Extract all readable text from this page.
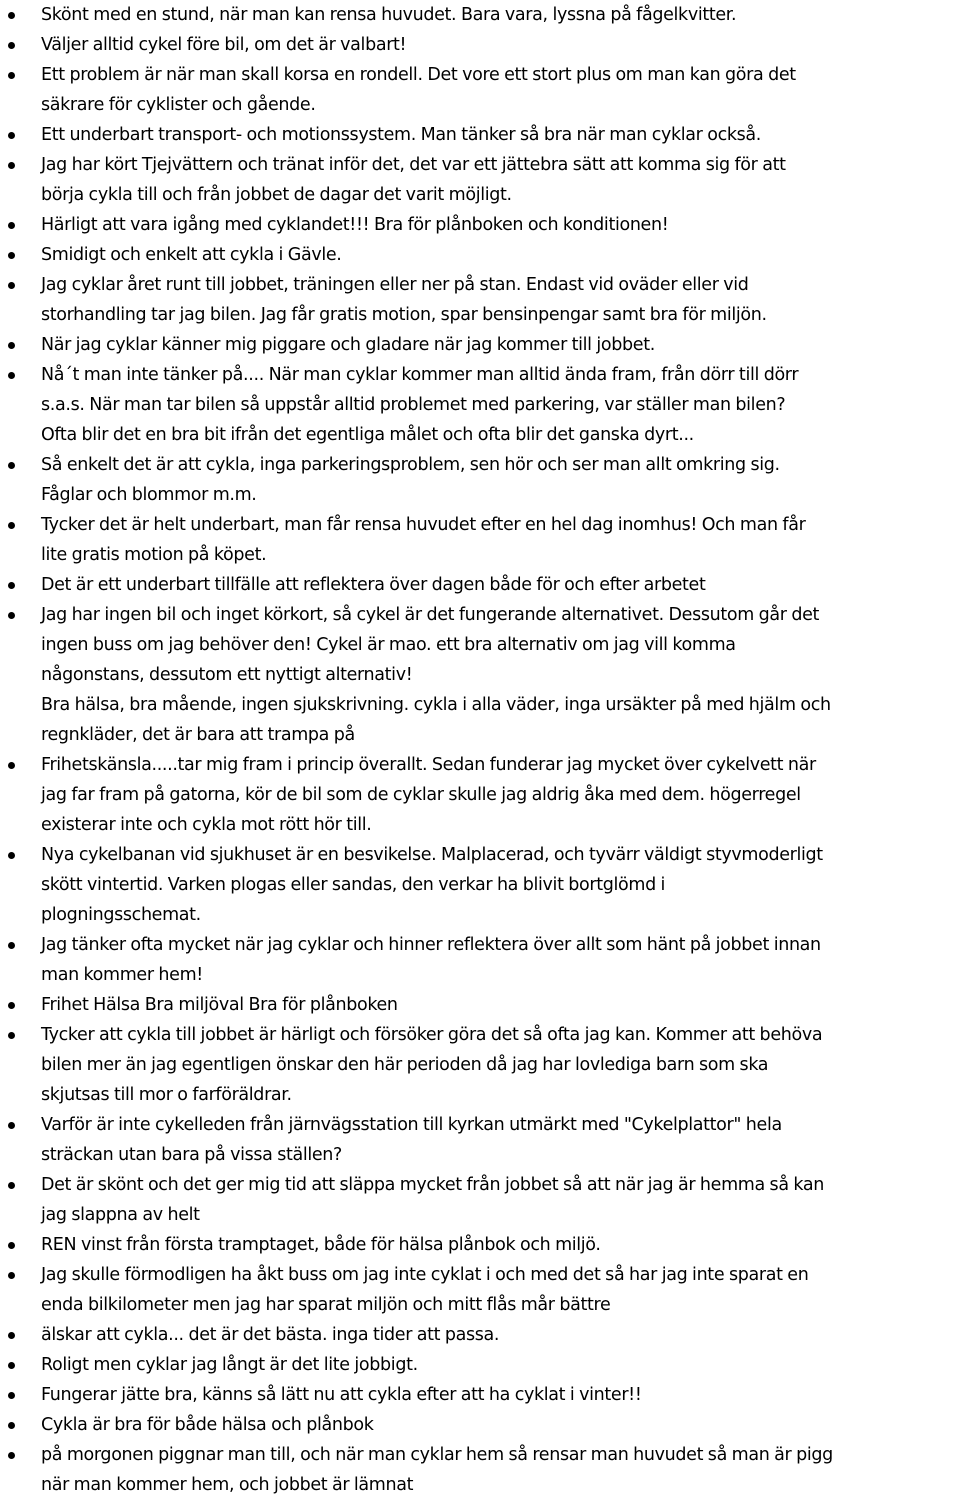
Skönt med en stund, när man kan rensa huvudet. Bara vara, lyssna på fågelkvitter.
Väljer alltid cykel före bil, om det är valbart!
Ett problem är när man skall korsa en rondell. Det vore ett stort plus om man kan göra det
säkrare för cyklister och gående.
Ett underbart transport- och motionssystem. Man tänker så bra när man cyklar också.
Jag har kört Tjejvättern och tränat inför det, det var ett jättebra sätt att komma sig för att
börja cykla till och från jobbet de dagar det varit möjligt.
Härligt att vara igång med cyklandet!!! Bra för plånboken och konditionen!
Smidigt och enkelt att cykla i Gävle.
Jag cyklar året runt till jobbet, träningen eller ner på stan. Endast vid oväder eller vid
storhandling tar jag bilen. Jag får gratis motion, spar bensinpengar samt bra för miljön.
När jag cyklar känner mig piggare och gladare när jag kommer till jobbet.
Nå´t man inte tänker på.... När man cyklar kommer man alltid ända fram, från dörr till dörr
s.a.s. När man tar bilen så uppstår alltid problemet med parkering, var ställer man bilen?
Ofta blir det en bra bit ifrån det egentliga målet och ofta blir det ganska dyrt...
Så enkelt det är att cykla, inga parkeringsproblem, sen hör och ser man allt omkring sig.
Fåglar och blommor m.m.
Tycker det är helt underbart, man får rensa huvudet efter en hel dag inomhus! Och man får
lite gratis motion på köpet.
Det är ett underbart tillfälle att reflektera över dagen både för och efter arbetet
Jag har ingen bil och inget körkort, så cykel är det fungerande alternativet. Dessutom går det
ingen buss om jag behöver den! Cykel är mao. ett bra alternativ om jag vill komma
någonstans, dessutom ett nyttigt alternativ!
Bra hälsa, bra mående, ingen sjukskrivning. cykla i alla väder, inga ursäkter på med hjälm och
regnkläder, det är bara att trampa på
Frihetskänsla.....tar mig fram i princip överallt. Sedan funderar jag mycket över cykelvett när
jag far fram på gatorna, kör de bil som de cyklar skulle jag aldrig åka med dem. högerregel
existerar inte och cykla mot rött hör till.
Nya cykelbanan vid sjukhuset är en besvikelse. Malplacerad, och tyvärr väldigt styvmoderligt
skött vintertid. Varken plogas eller sandas, den verkar ha blivit bortglömd i
plogningsschemat.
Jag tänker ofta mycket när jag cyklar och hinner reflektera över allt som hänt på jobbet innan
man kommer hem!
Frihet Hälsa Bra miljöval Bra för plånboken
Tycker att cykla till jobbet är härligt och försöker göra det så ofta jag kan. Kommer att behöva
bilen mer än jag egentligen önskar den här perioden då jag har lovlediga barn som ska
skjutsas till mor o farföräldrar.
Varför är inte cykelleden från järnvägsstation till kyrkan utmärkt med "Cykelplattor" hela
sträckan utan bara på vissa ställen?
Det är skönt och det ger mig tid att släppa mycket från jobbet så att när jag är hemma så kan
jag slappna av helt
REN vinst från första tramptaget, både för hälsa plånbok och miljö.
Jag skulle förmodligen ha åkt buss om jag inte cyklat i och med det så har jag inte sparat en
enda bilkilometer men jag har sparat miljön och mitt flås mår bättre
älskar att cykla... det är det bästa. inga tider att passa.
Roligt men cyklar jag långt är det lite jobbigt.
Fungerar jätte bra, känns så lätt nu att cykla efter att ha cyklat i vinter!!
Cykla är bra för både hälsa och plånbok
på morgonen piggnar man till, och när man cyklar hem så rensar man huvudet så man är pigg
när man kommer hem, och jobbet är lämnat
